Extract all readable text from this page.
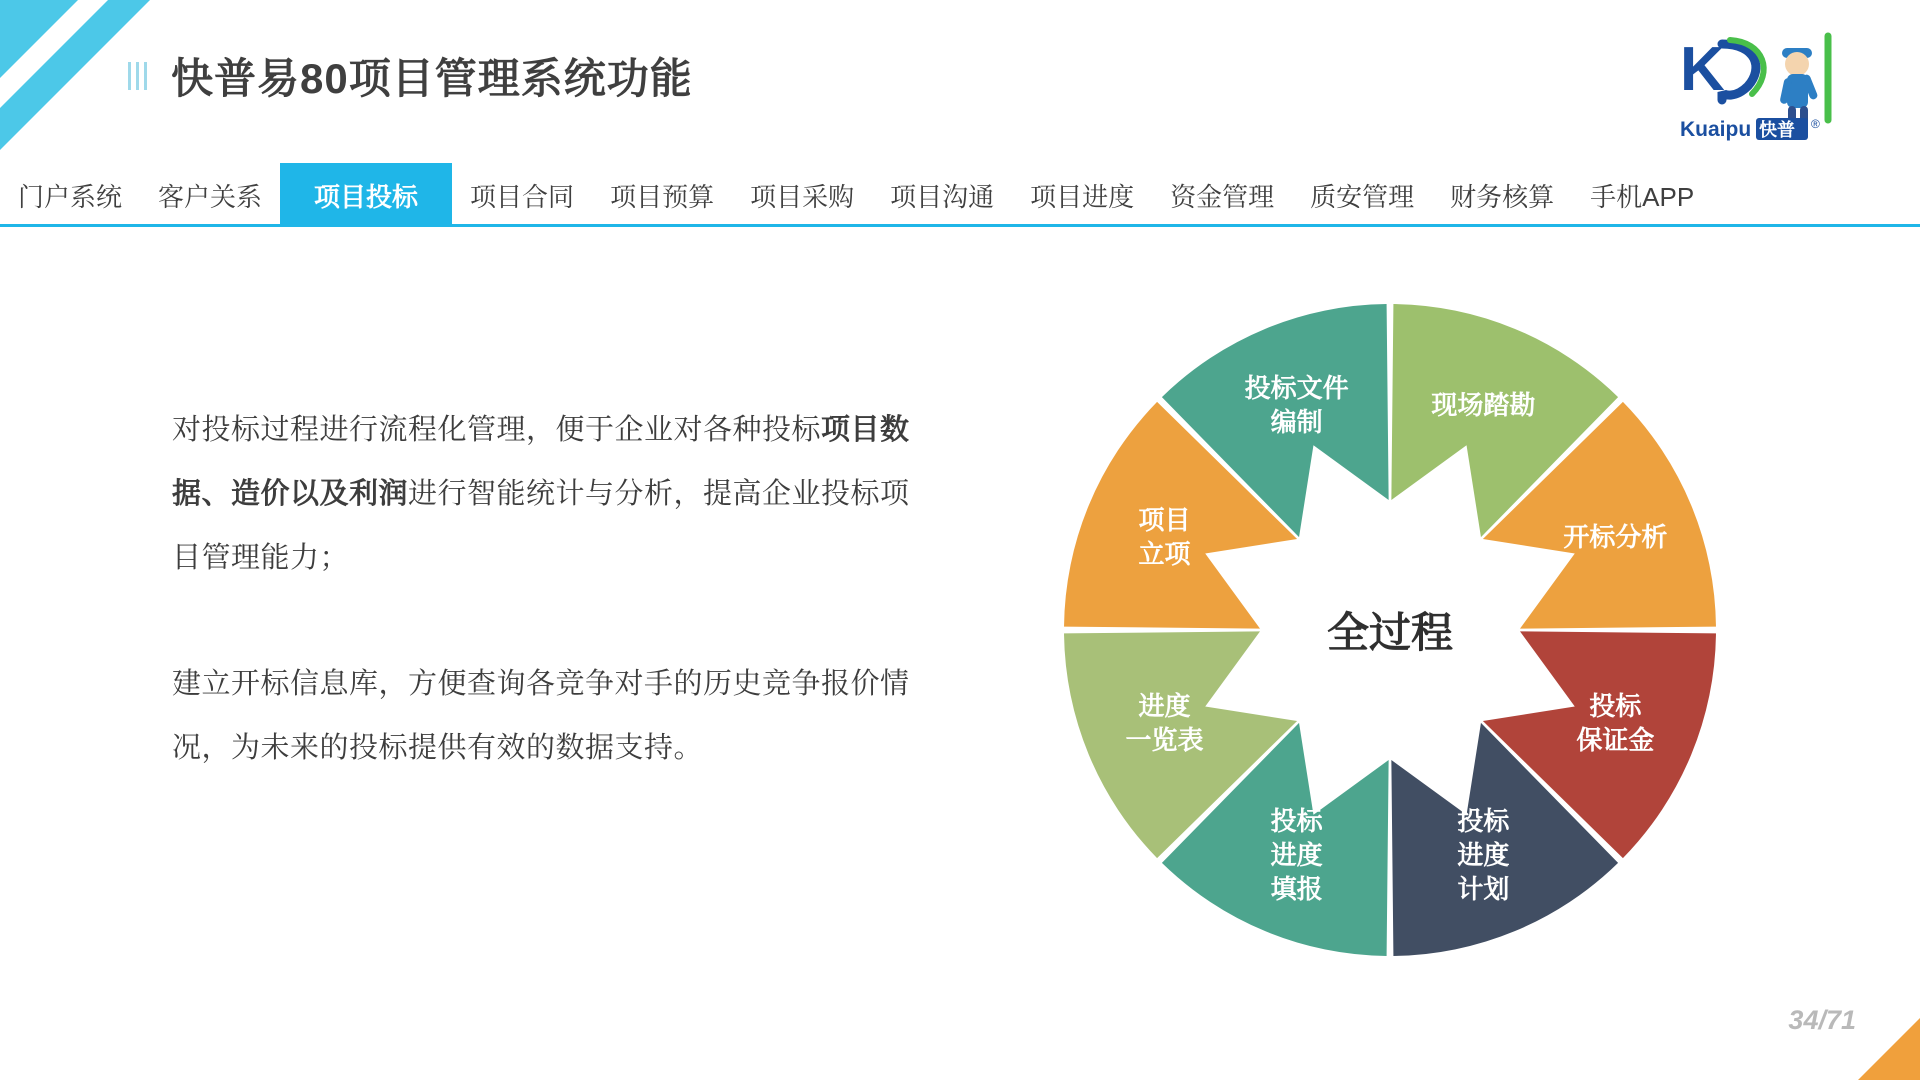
快普易80项目管理系统功能	K
Kuaipu 快普 ®
门户系统 客户关系 项目投标 项目合同 项目预算 项目采购 项目沟通 项目进度 资金管理 质安管理 财务核算 手机APP

对投标过程进行流程化管理，便于企业对各种投标项目数据、造价以及利润进行智能统计与分析，提高企业投标项目管理能力；

建立开标信息库，方便查询各竞争对手的历史竞争报价情况，为未来的投标提供有效的数据支持。

全过程
现场踏勘
开标分析
投标
保证金
投标
进度
计划
投标
进度
填报
进度
一览表
项目
立项
投标文件
编制
34/71
